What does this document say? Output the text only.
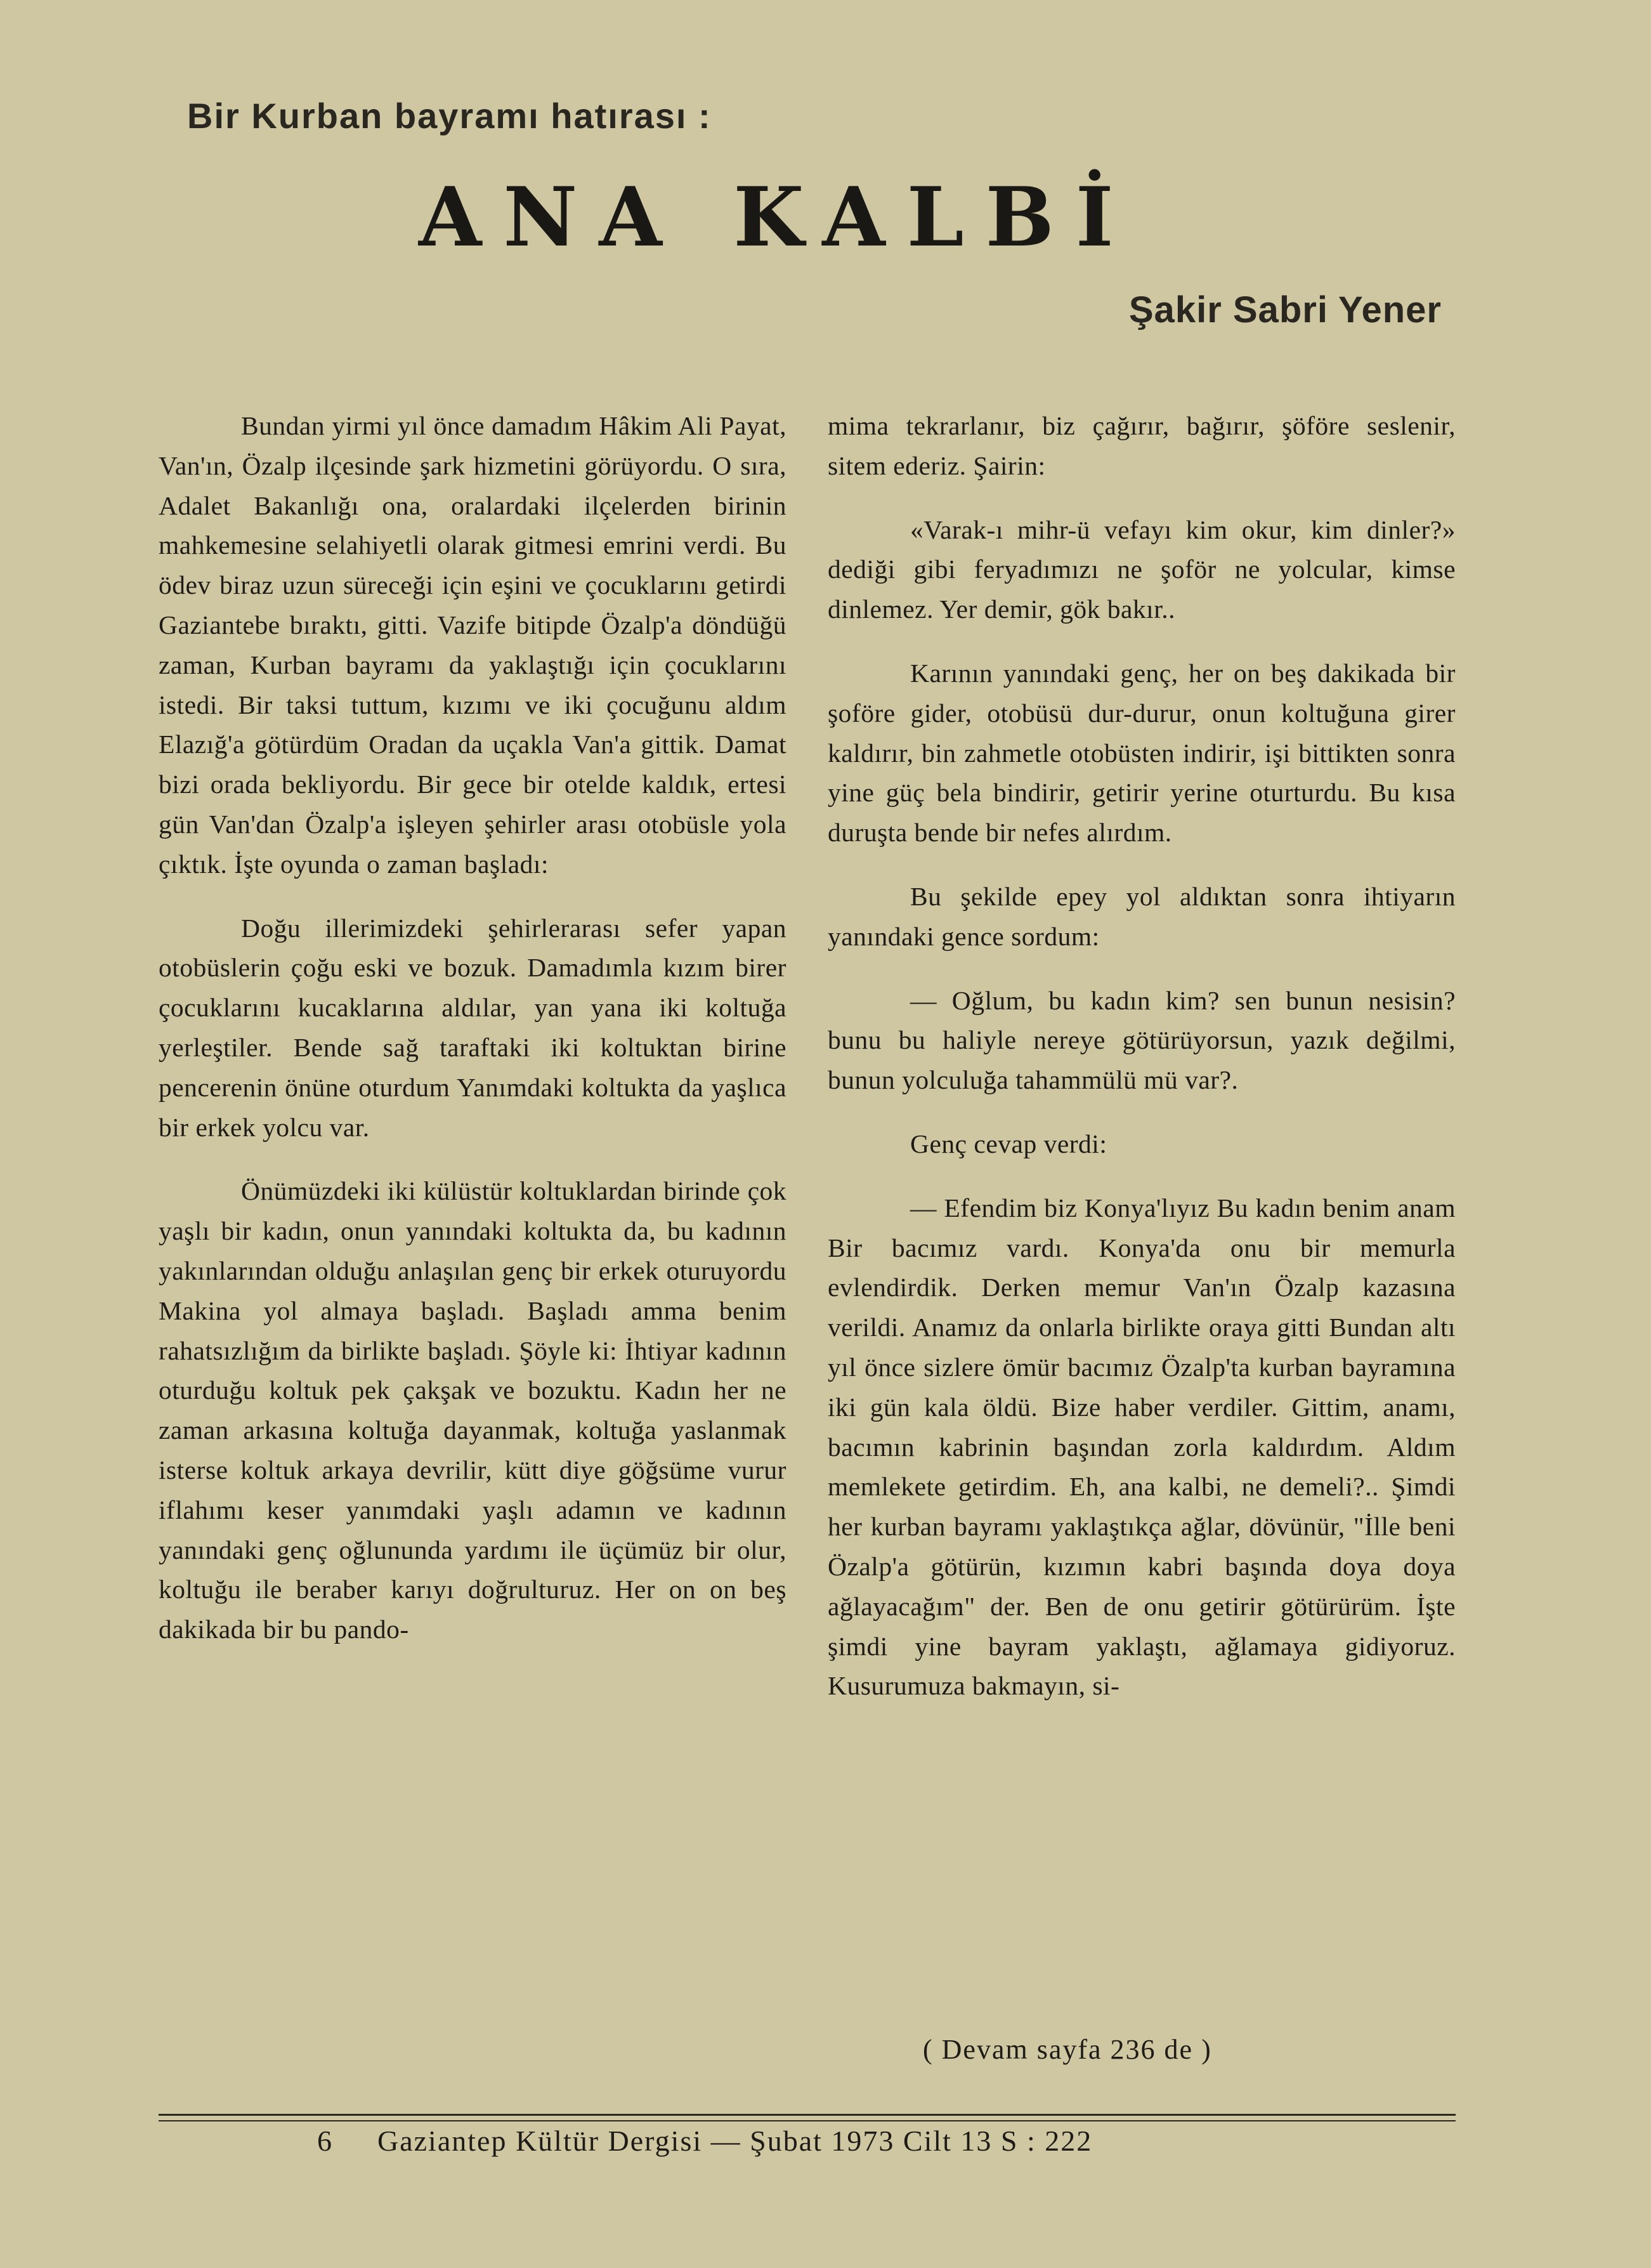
Bir Kurban bayramı hatırası :
ANA KALBİ
Şakir Sabri Yener

Bundan yirmi yıl önce damadım Hâkim Ali Payat, Van'ın, Özalp ilçesinde şark hizmetini görüyordu. O sıra, Adalet Bakanlığı ona, oralardaki ilçelerden birinin mahkemesine selahiyetli olarak gitmesi emrini verdi. Bu ödev biraz uzun süreceği için eşini ve çocuklarını getirdi Gaziantebe bıraktı, gitti. Vazife bitipde Özalp'a döndüğü zaman, Kurban bayramı da yaklaştığı için çocuklarını istedi. Bir taksi tuttum, kızımı ve iki çocuğunu aldım Elazığ'a götürdüm Oradan da uçakla Van'a gittik. Damat bizi orada bekliyordu. Bir gece bir otelde kaldık, ertesi gün Van'dan Özalp'a işleyen şehirler arası otobüsle yola çıktık. İşte oyunda o zaman başladı:

Doğu illerimizdeki şehirlerarası sefer yapan otobüslerin çoğu eski ve bozuk. Damadımla kızım birer çocuklarını kucaklarına aldılar, yan yana iki koltuğa yerleştiler. Bende sağ taraftaki iki koltuktan birine pencerenin önüne oturdum Yanımdaki koltukta da yaşlıca bir erkek yolcu var.

Önümüzdeki iki külüstür koltuklardan birinde çok yaşlı bir kadın, onun yanındaki koltukta da, bu kadının yakınlarından olduğu anlaşılan genç bir erkek oturuyordu Makina yol almaya başladı. Başladı amma benim rahatsızlığım da birlikte başladı. Şöyle ki: İhtiyar kadının oturduğu koltuk pek çakşak ve bozuktu. Kadın her ne zaman arkasına koltuğa dayanmak, koltuğa yaslanmak isterse koltuk arkaya devrilir, kütt diye göğsüme vurur iflahımı keser yanımdaki yaşlı adamın ve kadının yanındaki genç oğlununda yardımı ile üçümüz bir olur, koltuğu ile beraber karıyı doğrulturuz. Her on on beş dakikada bir bu pando-

mima tekrarlanır, biz çağırır, bağırır, şöföre seslenir, sitem ederiz. Şairin:

«Varak-ı mihr-ü vefayı kim okur, kim dinler?» dediği gibi feryadımızı ne şoför ne yolcular, kimse dinlemez. Yer demir, gök bakır..

Karının yanındaki genç, her on beş dakikada bir şoföre gider, otobüsü dur-durur, onun koltuğuna girer kaldırır, bin zahmetle otobüsten indirir, işi bittikten sonra yine güç bela bindirir, getirir yerine oturturdu. Bu kısa duruşta bende bir nefes alırdım.

Bu şekilde epey yol aldıktan sonra ihtiyarın yanındaki gence sordum:

— Oğlum, bu kadın kim? sen bunun nesisin? bunu bu haliyle nereye götürüyorsun, yazık değilmi, bunun yolculuğa tahammülü mü var?.

Genç cevap verdi:

— Efendim biz Konya'lıyız Bu kadın benim anam Bir bacımız vardı. Konya'da onu bir memurla evlendirdik. Derken memur Van'ın Özalp kazasına verildi. Anamız da onlarla birlikte oraya gitti Bundan altı yıl önce sizlere ömür bacımız Özalp'ta kurban bayramına iki gün kala öldü. Bize haber verdiler. Gittim, anamı, bacımın kabrinin başından zorla kaldırdım. Aldım memlekete getirdim. Eh, ana kalbi, ne demeli?.. Şimdi her kurban bayramı yaklaştıkça ağlar, dövünür, "İlle beni Özalp'a götürün, kızımın kabri başında doya doya ağlayacağım" der. Ben de onu getirir götürürüm. İşte şimdi yine bayram yaklaştı, ağlamaya gidiyoruz. Kusurumuza bakmayın, si-

( Devam sayfa 236 de )
6 Gaziantep Kültür Dergisi — Şubat 1973 Cilt 13 S : 222
